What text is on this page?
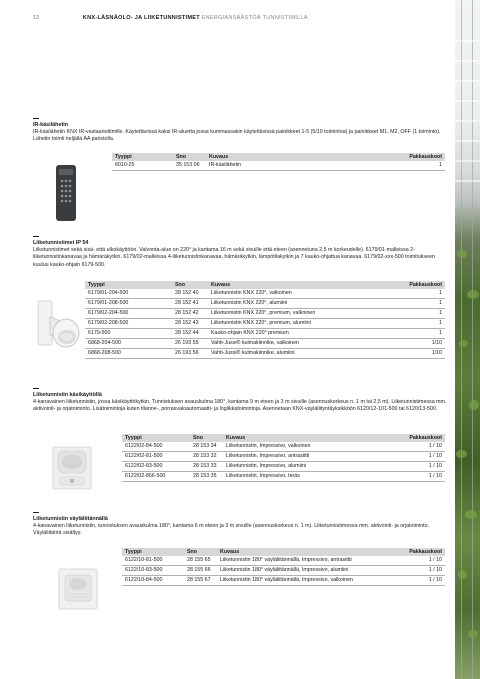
12	KNX-LÄSNÄOLO- JA LIIKETUNNISTIMET ENERGIANSÄÄSTÖÄ TUNNISTIMILLA
IR-käsilähetin
IR-käsilähetin KNX IR-vastaanottimille. Käytettävissä kaksi IR-aluetta jossa kummassakin käytettävissä painikkeet 1-5 (5/10 toimintoa) ja painikkeet M1, M2, OFF (1 toiminto). Lähetin toimii neljällä AA paristolla.
Tyyppi	Sno	Kuvaus	Pakkauskoot
6010-25	35 153 06	IR-käsilähetin	1
Liiketunnistimet IP 54
Liiketunnistimet sekä sisä- että ulkokäyttöön. Valvonta-alue on 220° ja kantama 16 m sekä sivuille että eteen (asennetuna 2,5 m korkeudelle). 6179/01-malleissa 2-liiketunnistinkanavaa ja hämäräkytkin. 6179/02-malleissa 4-liiketunnistinkanavaa, hämäräkytkin, lämpötilakytkin ja 7 kauko-ohjattua kanavaa. 6179/02-xxx-500 toimitukseen kuuluu kauko-ohjain 6179-500.
Tyyppi	Sno	Kuvaus	Pakkauskoot
6179/01-204-500	28 152 40	Liiketunnistin KNX 220°, valkoinen	1
6179/01-208-500	28 152 41	Liiketunnistin KNX 220°, alumiini	1
6179/02-204-500	28 152 42	Liiketunnistin KNX 220°, premium, valkoinen	1
6179/02-208-500	28 152 43	Liiketunnistin KNX 220°, premium, alumiini	1
6179-500	28 152 44	Kauko-ohjain KNX 220° premium	1
6868-204-500	26 193 55	Vahti-Jussi® kulmakiinnike, valkoinen	1/10
6868-208-500	26 193 56	Vahti-Jussi® kulmakiinnike, alumiini	1/10
Liiketunnistin käsikäyttöllä
4-kanavainen liiketunnistin, jossa käsikäyttökytkin. Tunnistuksen avauskulma 180°, kantama 9 m eteen ja 3 m sivuille (asennuskorkeus n. 1 m tai 2,5 m). Liiketunnistimessa mm. aktivointi- ja orjatoiminto. Lisätoimintoja kuten tilanne-, porrasvaloautomaatti- ja logiikkatoimintoja. Asennetaan KNX-väyläliityntäyksikköön 6120/12-101-500 tai 6120/13-500.
Tyyppi	Sno	Kuvaus	Pakkauskoot
6122/02-84-500	28 153 34	Liiketunnistin, Impressivo, valkoinen	1 / 10
6122/02-81-500	28 153 32	Liiketunnistin, Impressivo, antrasiitti	1 / 10
6122/02-83-500	28 153 33	Liiketunnistin, Impressivo, alumiini	1 / 10
6122/02-866-500	28 153 35	Liiketunnistin, Impressivo, teräs	1 / 10
Liiketunnistin väyläliitännällä
4-kanavainen liiketunnistin, tunnistuksen avauskulma 180°, kantama 6 m eteen ja 3 m sivuille (asennuskorkeus n. 1 m). Liiketunnistimessa mm. aktivointi- ja orjatoiminto. Väyläliitäntä sisältyy.
Tyyppi	Sno	Kuvaus	Pakkauskoot
6122/10-81-500	28 155 65	Liiketunnistin 180° väyläliitännällä, Impressivo, antrasiitti	1 / 10
6122/10-83-500	28 155 66	Liiketunnistin 180° väyläliitännällä, Impressivo, alumiini	1 / 10
6122/10-84-500	28 155 67	Liiketunnistin 180° väyläliitännällä, Impressivo, valkoinen	1 / 10
